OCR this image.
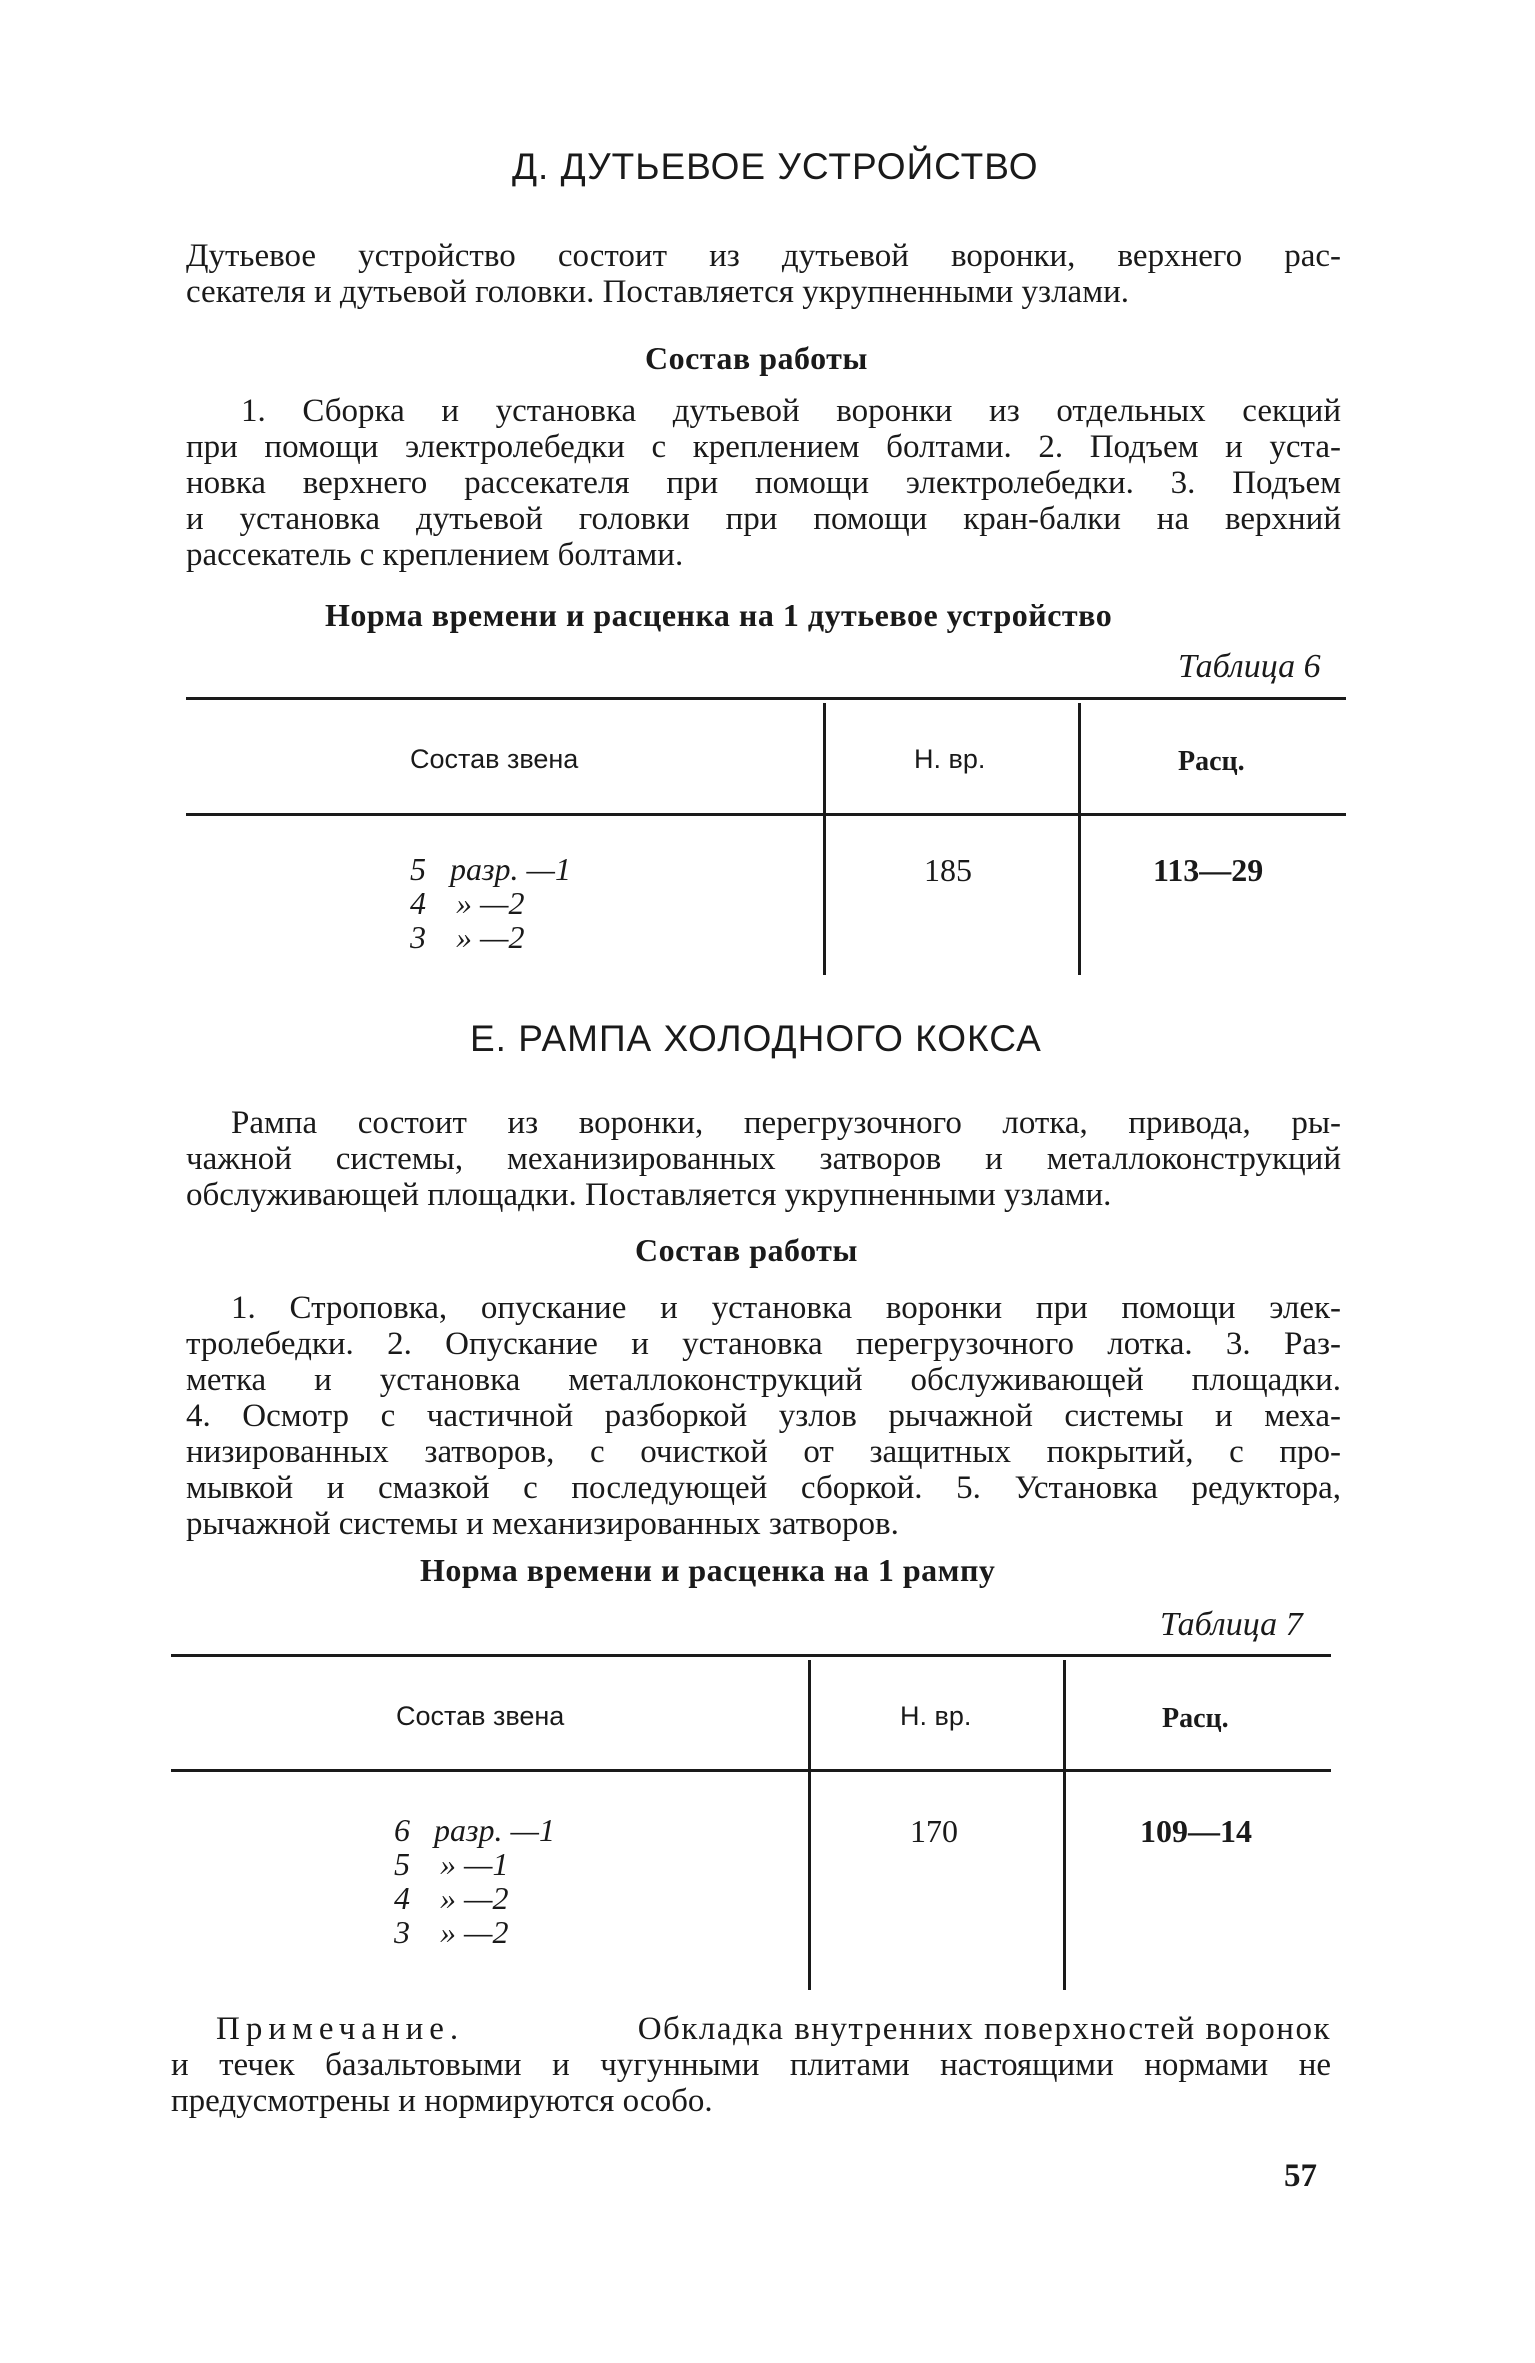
Д. ДУТЬЕВОЕ УСТРОЙСТВО
Дутьевое устройство состоит из дутьевой воронки, верхнего рас-
секателя и дутьевой головки. Поставляется укрупненными узлами.
Состав работы
1. Сборка и установка дутьевой воронки из отдельных секций
при помощи электролебедки с креплением болтами. 2. Подъем и уста-
новка верхнего рассекателя при помощи электролебедки. 3. Подъем
и установка дутьевой головки при помощи кран-балки на верхний
рассекатель с креплением болтами.
Норма времени и расценка на 1 дутьевое устройство
Таблица 6
Состав звена	Н. вр.	Расц.
5 разр. —1
4 » —2
3 » —2
185	113—29
Е. РАМПА ХОЛОДНОГО КОКСА
Рампа состоит из воронки, перегрузочного лотка, привода, ры-
чажной системы, механизированных затворов и металлоконструкций
обслуживающей площадки. Поставляется укрупненными узлами.
Состав работы
1. Строповка, опускание и установка воронки при помощи элек-
тролебедки. 2. Опускание и установка перегрузочного лотка. 3. Раз-
метка и установка металлоконструкций обслуживающей площадки.
4. Осмотр с частичной разборкой узлов рычажной системы и меха-
низированных затворов, с очисткой от защитных покрытий, с про-
мывкой и смазкой с последующей сборкой. 5. Установка редуктора,
рычажной системы и механизированных затворов.
Норма времени и расценка на 1 рампу
Таблица 7
Состав звена	Н. вр.	Расц.
6 разр. —1
5 » —1
4 » —2
3 » —2
170	109—14
Примечание.	Обкладка внутренних поверхностей воронок
и течек базальтовыми и чугунными плитами настоящими нормами не
предусмотрены и нормируются особо.
57
